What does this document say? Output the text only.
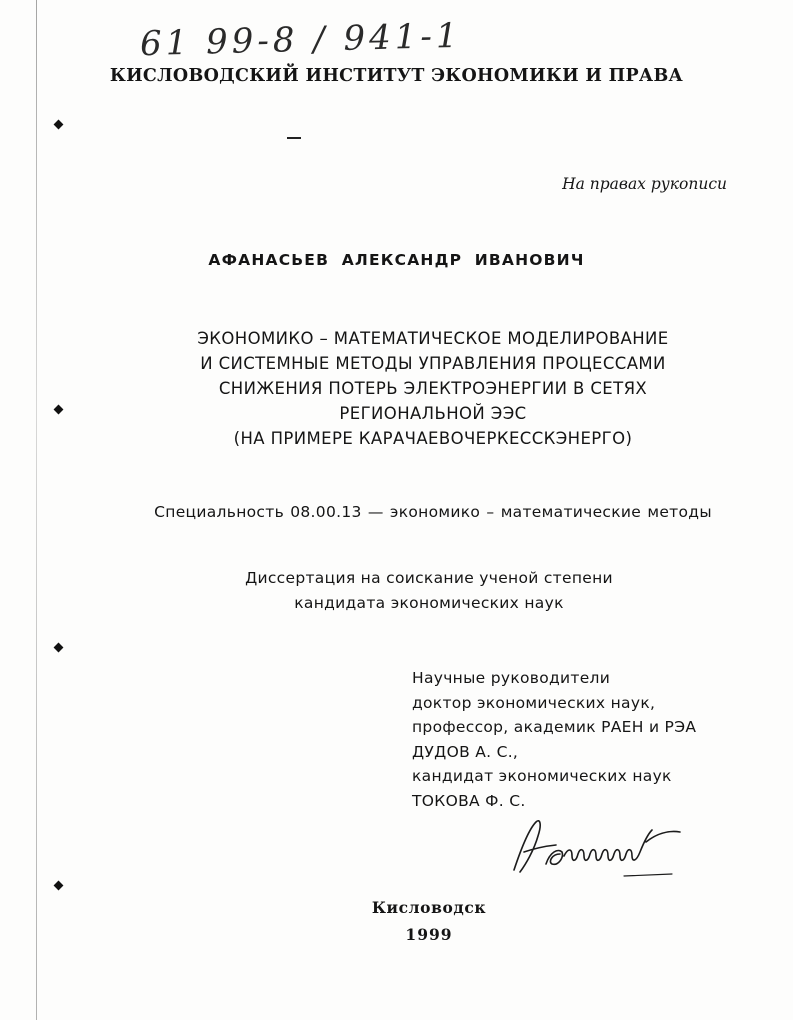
61 99-8 / 941-1
КИСЛОВОДСКИЙ ИНСТИТУТ ЭКОНОМИКИ И ПРАВА
На правах рукописи
АФАНАСЬЕВ АЛЕКСАНДР ИВАНОВИЧ
ЭКОНОМИКО – МАТЕМАТИЧЕСКОЕ МОДЕЛИРОВАНИЕ
И СИСТЕМНЫЕ МЕТОДЫ УПРАВЛЕНИЯ ПРОЦЕССАМИ
СНИЖЕНИЯ ПОТЕРЬ ЭЛЕКТРОЭНЕРГИИ В СЕТЯХ
РЕГИОНАЛЬНОЙ ЭЭС
(НА ПРИМЕРЕ КАРАЧАЕВОЧЕРКЕССКЭНЕРГО)
Специальность 08.00.13 — экономико – математические методы
Диссертация на соискание ученой степени
кандидата экономических наук
Научные руководители
доктор экономических наук,
профессор, академик РАЕН и РЭА
ДУДОВ А. С.,
кандидат экономических наук
ТОКОВА Ф. С.
Кисловодск
1999
